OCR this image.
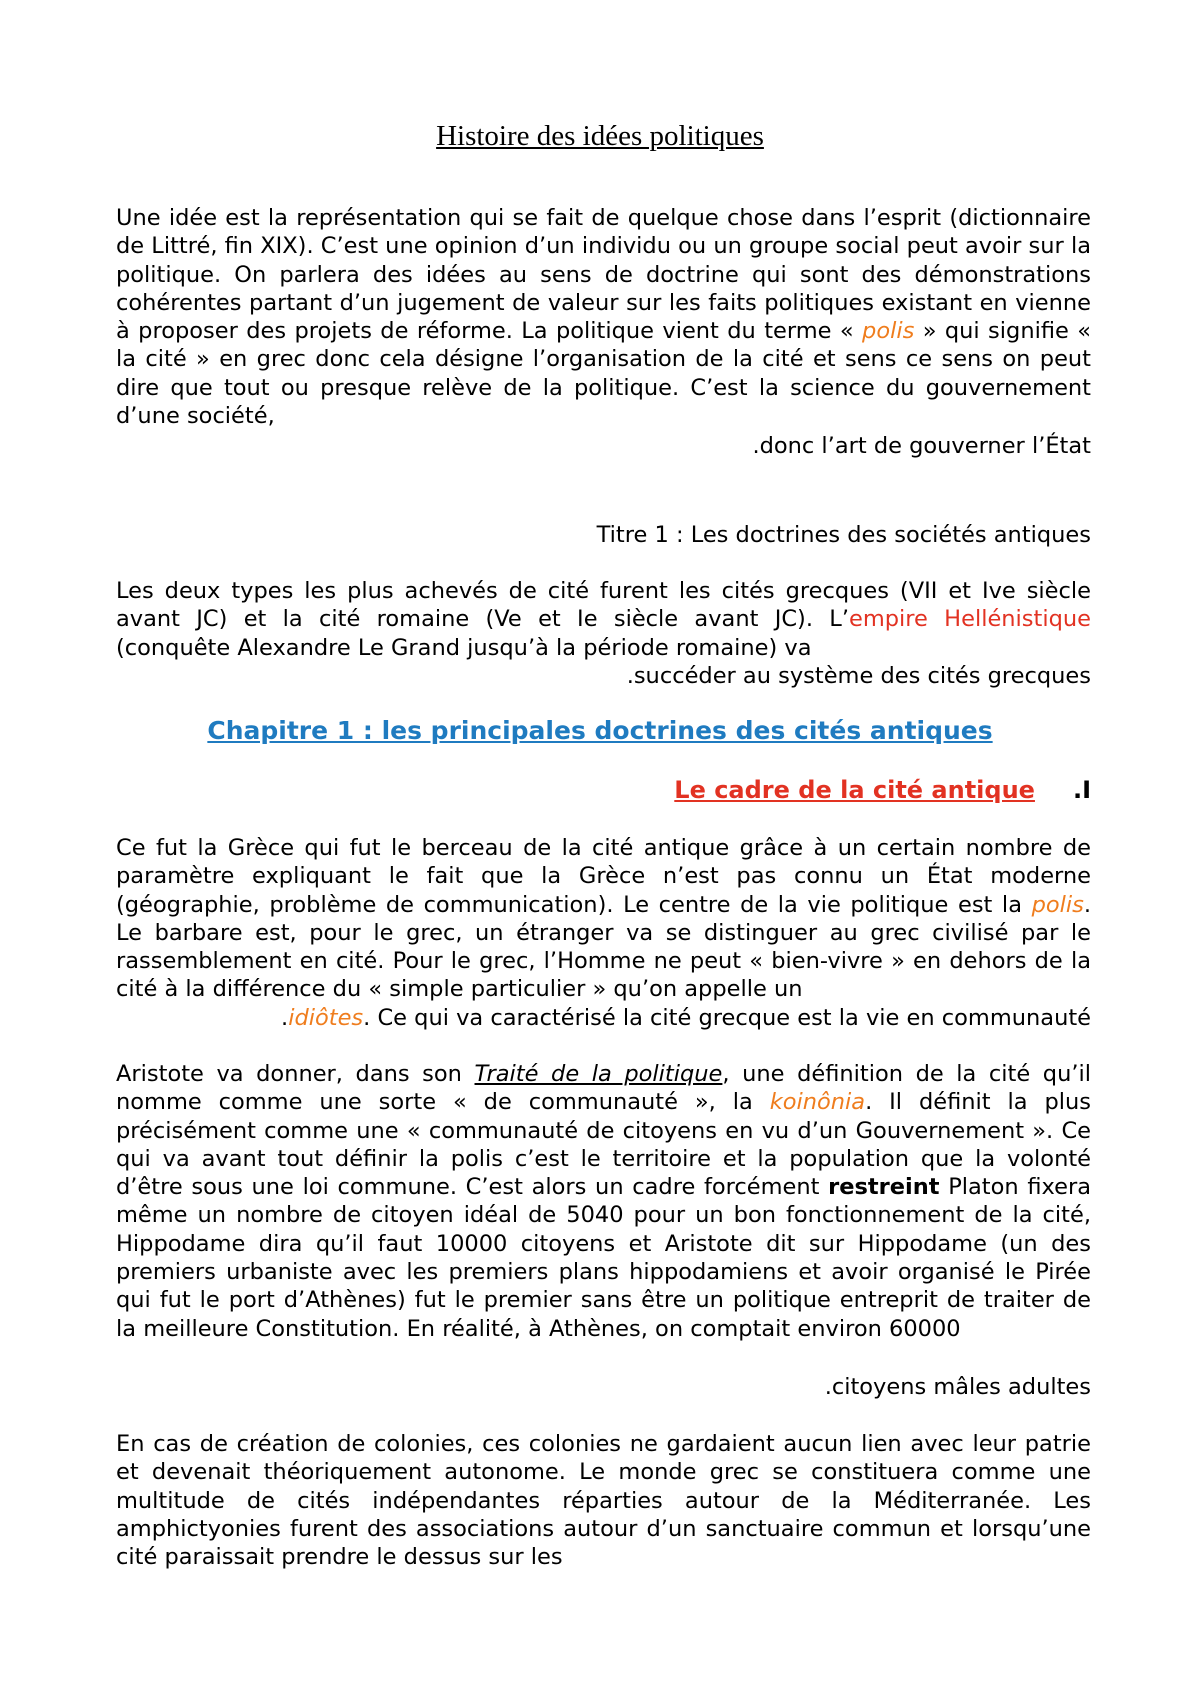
Histoire des idées politiques

Une idée est la représentation qui se fait de quelque chose dans l’esprit (dictionnaire de Littré, fin XIX). C’est une opinion d’un individu ou un groupe social peut avoir sur la politique. On parlera des idées au sens de doctrine qui sont des démonstrations cohérentes partant d’un jugement de valeur sur les faits politiques existant en vienne à proposer des projets de réforme. La politique vient du terme « polis » qui signifie « la cité » en grec donc cela désigne l’organisation de la cité et sens ce sens on peut dire que tout ou presque relève de la politique. C’est la science du gouvernement d’une société,

.donc l’art de gouverner l’État
Titre 1 : Les doctrines des sociétés antiques

Les deux types les plus achevés de cité furent les cités grecques (VII et Ive siècle avant JC) et la cité romaine (Ve et Ie siècle avant JC). L’empire Hellénistique (conquête Alexandre Le Grand jusqu’à la période romaine) va

.succéder au système des cités grecques
Chapitre 1 : les principales doctrines des cités antiques
Le cadre de la cité antique .I

Ce fut la Grèce qui fut le berceau de la cité antique grâce à un certain nombre de paramètre expliquant le fait que la Grèce n’est pas connu un État moderne (géographie, problème de communication). Le centre de la vie politique est la polis. Le barbare est, pour le grec, un étranger va se distinguer au grec civilisé par le rassemblement en cité. Pour le grec, l’Homme ne peut « bien-vivre » en dehors de la cité à la différence du « simple particulier » qu’on appelle un

.idiôtes. Ce qui va caractérisé la cité grecque est la vie en communauté

Aristote va donner, dans son Traité de la politique, une définition de la cité qu’il nomme comme une sorte « de communauté », la koinônia. Il définit la plus précisément comme une « communauté de citoyens en vu d’un Gouvernement ». Ce qui va avant tout définir la polis c’est le territoire et la population que la volonté d’être sous une loi commune. C’est alors un cadre forcément restreint Platon fixera même un nombre de citoyen idéal de 5040 pour un bon fonctionnement de la cité, Hippodame dira qu’il faut 10000 citoyens et Aristote dit sur Hippodame (un des premiers urbaniste avec les premiers plans hippodamiens et avoir organisé le Pirée qui fut le port d’Athènes) fut le premier sans être un politique entreprit de traiter de la meilleure Constitution. En réalité, à Athènes, on comptait environ 60000

.citoyens mâles adultes

En cas de création de colonies, ces colonies ne gardaient aucun lien avec leur patrie et devenait théoriquement autonome. Le monde grec se constituera comme une multitude de cités indépendantes réparties autour de la Méditerranée. Les amphictyonies furent des associations autour d’un sanctuaire commun et lorsqu’une cité paraissait prendre le dessus sur les
